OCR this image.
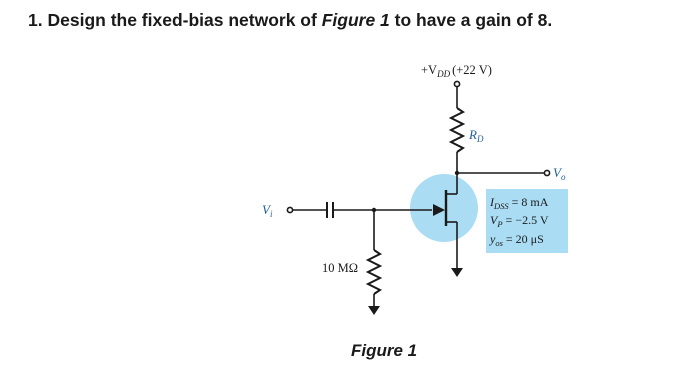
1. Design the fixed-bias network of Figure 1 to have a gain of 8.
$+V_{DD}$ (+22 V)
$R_D$
$V_o$
$V_i$
10 MΩ
$I_{DSS} = 8$ mA
$V_P = -2.5$ V
$y_{os} = 20$ μS
Figure 1
